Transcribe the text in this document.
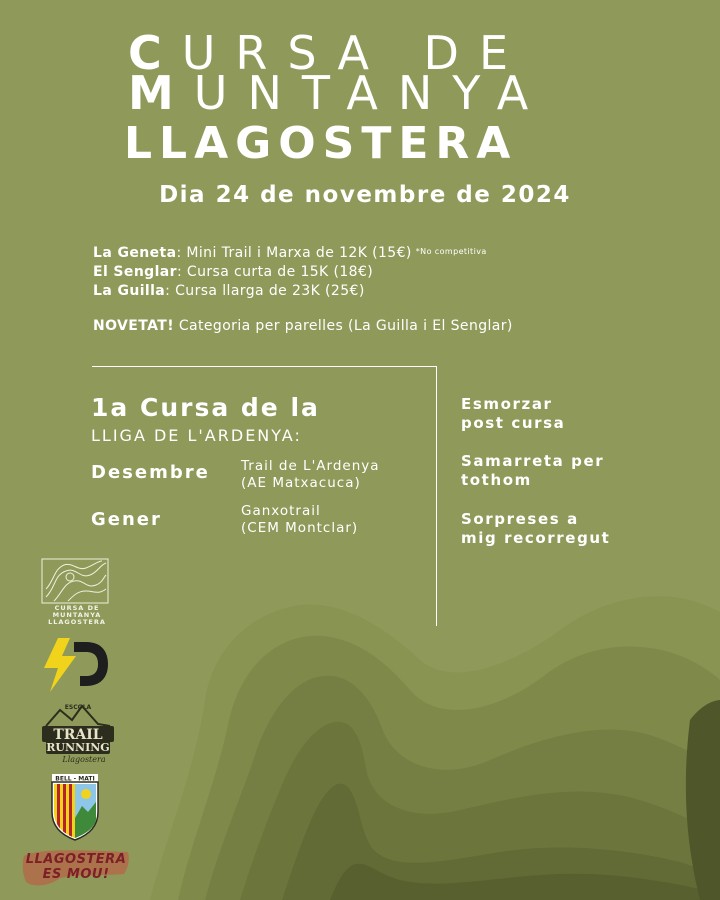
CURSA DE
MUNTANYA
LLAGOSTERA
Dia 24 de novembre de 2024

La Geneta: Mini Trail i Marxa de 12K (15€) $^{*No competitiva}$

El Senglar: Cursa curta de 15K (18€)

La Guilla: Cursa llarga de 23K (25€)

NOVETAT! Categoria per parelles (La Guilla i El Senglar)

1a Cursa de la

LLIGA DE L'ARDENYA:

Desembre Trail de L'Ardenya
(AE Matxacuca)

Gener	Ganxotrail
(CEM Montclar)
Esmorzar
post cursa
Samarreta per
tothom
Sorpreses a
mig recorregut
CURSA DE
MUNTANYA
LLAGOSTERA
ESCOLA
TRAIL
RUNNING
Llagostera
BELL - MATI
LLAGOSTERA
ES MOU!
